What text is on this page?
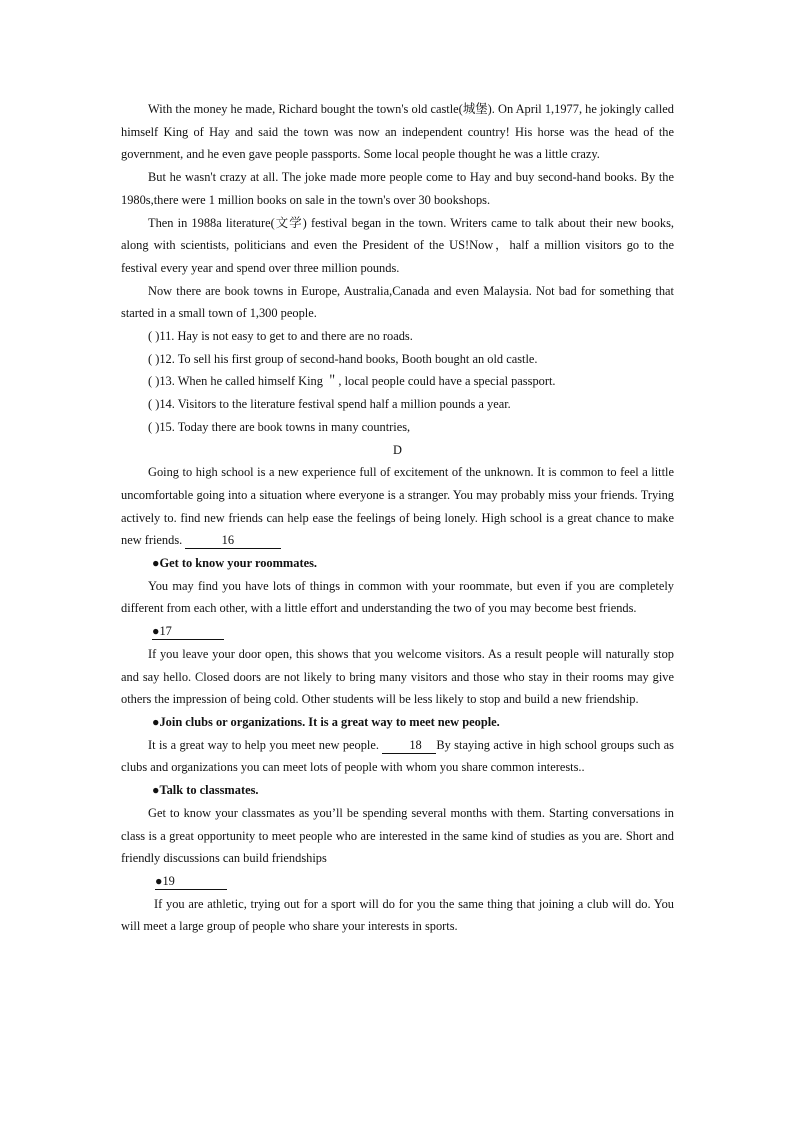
With the money he made, Richard bought the town's old castle(城堡). On April 1,1977, he jokingly called himself King of Hay and said the town was now an independent country! His horse was the head of the government, and he even gave people passports. Some local people thought he was a little crazy.

But he wasn't crazy at all. The joke made more people come to Hay and buy second-hand books. By the 1980s,there were 1 million books on sale in the town's over 30 bookshops.

Then in 1988a literature(文学) festival began in the town. Writers came to talk about their new books, along with scientists, politicians and even the President of the US!Now，half a million visitors go to the festival every year and spend over three million pounds.

Now there are book towns in Europe, Australia,Canada and even Malaysia. Not bad for something that started in a small town of 1,300 people.

( )11. Hay is not easy to get to and there are no roads.

( )12. To sell his first group of second-hand books, Booth bought an old castle.

( )13. When he called himself King ＂, local people could have a special passport.

( )14. Visitors to the literature festival spend half a million pounds a year.

( )15. Today there are book towns in many countries,

D

Going to high school is a new experience full of excitement of the unknown. It is common to feel a little uncomfortable going into a situation where everyone is a stranger. You may probably miss your friends. Trying actively to. find new friends can help ease the feelings of being lonely. High school is a great chance to make new friends.	16

●Get to know your roommates.

You may find you have lots of things in common with your roommate, but even if you are completely different from each other, with a little effort and understanding the two of you may become best friends.

●17

If you leave your door open, this shows that you welcome visitors. As a result people will naturally stop and say hello. Closed doors are not likely to bring many visitors and those who stay in their rooms may give others the impression of being cold. Other students will be less likely to stop and build a new friendship.

●Join clubs or organizations. It is a great way to meet new people.

It is a great way to help you meet new people. 18 By staying active in high school groups such as clubs and organizations you can meet lots of people with whom you share common interests..

●Talk to classmates.

Get to know your classmates as you’ll be spending several months with them. Starting conversations in class is a great opportunity to meet people who are interested in the same kind of studies as you are. Short and friendly discussions can build friendships

●19

If you are athletic, trying out for a sport will do for you the same thing that joining a club will do. You will meet a large group of people who share your interests in sports.
